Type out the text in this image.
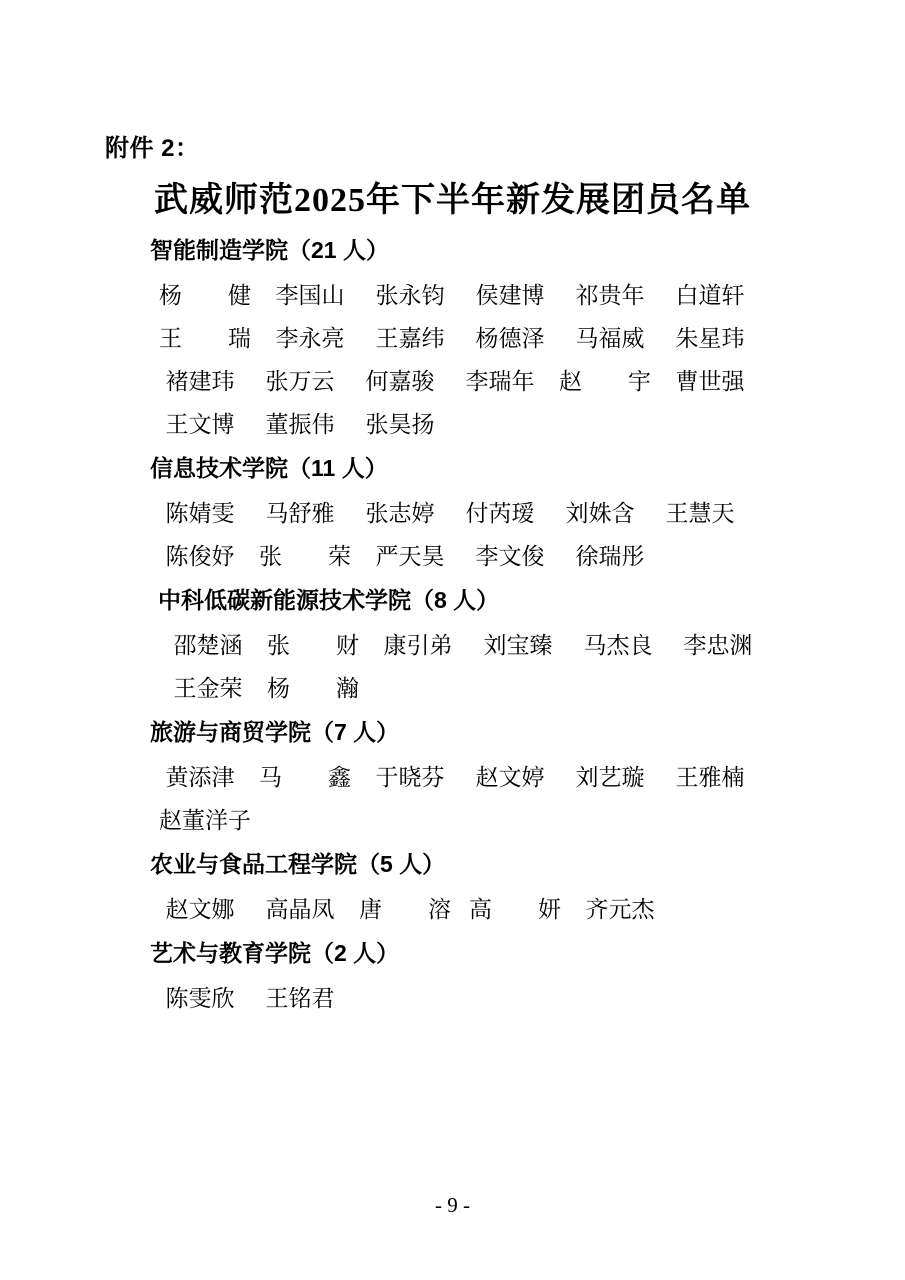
附件 2：
武威师范2025年下半年新发展团员名单
智能制造学院（21 人）
杨　　健	李国山	张永钧	侯建博	祁贵年	白道轩
王　　瑞	李永亮	王嘉纬	杨德泽	马福威	朱星玮
褚建玮	张万云	何嘉骏	李瑞年	赵　　宇	曹世强
王文博	董振伟	张昊扬
信息技术学院（11 人）
陈婧雯	马舒雅	张志婷	付芮瑷	刘姝含	王慧天
陈俊妤	张　　荣	严天昊	李文俊	徐瑞彤
中科低碳新能源技术学院（8 人）
邵楚涵	张　　财	康引弟	刘宝臻	马杰良	李忠渊
王金荣	杨　　瀚
旅游与商贸学院（7 人）
黄添津	马　　鑫	于晓芬	赵文婷	刘艺璇	王雅楠
赵董洋子
农业与食品工程学院（5 人）
赵文娜	高晶凤	唐　　溶 高　　妍	齐元杰
艺术与教育学院（2 人）
陈雯欣	王铭君
- 9 -
